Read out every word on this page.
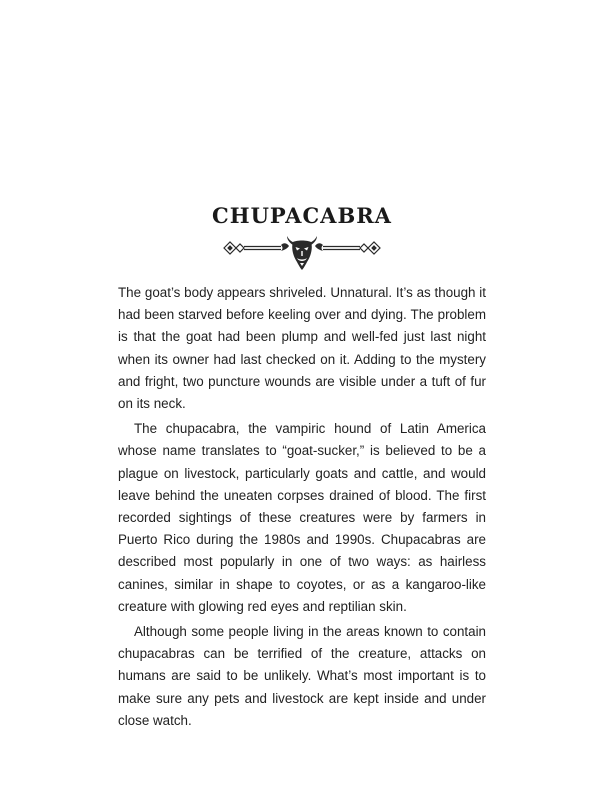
CHUPACABRA

The goat’s body appears shriveled. Unnatural. It’s as though it had been starved before keeling over and dying. The problem is that the goat had been plump and well-fed just last night when its owner had last checked on it. Adding to the mystery and fright, two puncture wounds are visible under a tuft of fur on its neck.

The chupacabra, the vampiric hound of Latin America whose name translates to “goat-sucker,” is believed to be a plague on livestock, particularly goats and cattle, and would leave behind the uneaten corpses drained of blood. The first recorded sightings of these creatures were by farmers in Puerto Rico during the 1980s and 1990s. Chupacabras are described most popularly in one of two ways: as hairless canines, similar in shape to coyotes, or as a kangaroo-like creature with glowing red eyes and reptilian skin.

Although some people living in the areas known to contain chupacabras can be terrified of the creature, attacks on humans are said to be unlikely. What’s most important is to make sure any pets and livestock are kept inside and under close watch.
